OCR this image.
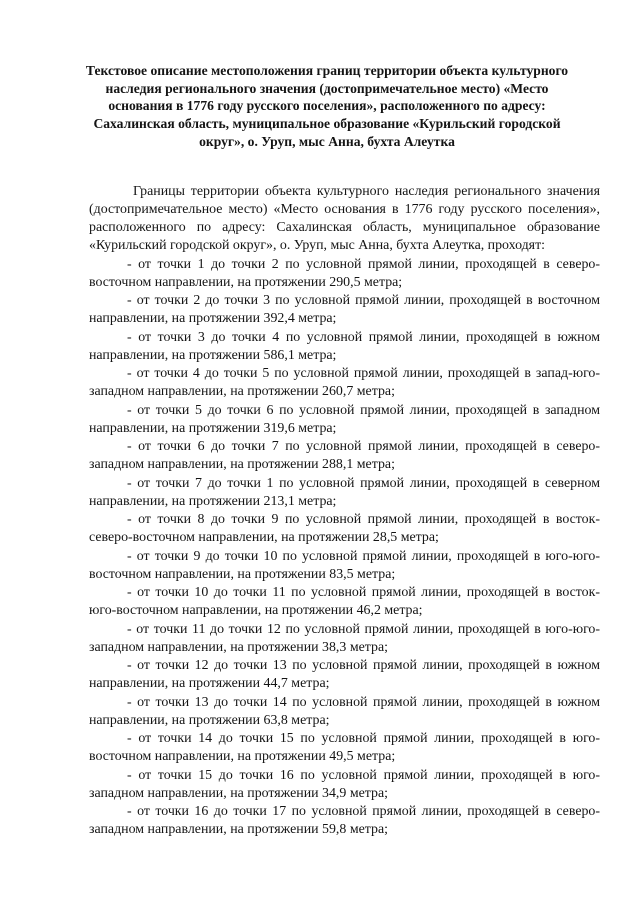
Текстовое описание местоположения границ территории объекта культурного наследия регионального значения (достопримечательное место) «Место основания в 1776 году русского поселения», расположенного по адресу: Сахалинская область, муниципальное образование «Курильский городской округ», о. Уруп, мыс Анна, бухта Алеутка

Границы территории объекта культурного наследия регионального значения (достопримечательное место) «Место основания в 1776 году русского поселения», расположенного по адресу: Сахалинская область, муниципальное образование «Курильский городской округ», о. Уруп, мыс Анна, бухта Алеутка, проходят:

- от точки 1 до точки 2 по условной прямой линии, проходящей в северо-восточном направлении, на протяжении 290,5 метра;

- от точки 2 до точки 3 по условной прямой линии, проходящей в восточном направлении, на протяжении 392,4 метра;

- от точки 3 до точки 4 по условной прямой линии, проходящей в южном направлении, на протяжении 586,1 метра;

- от точки 4 до точки 5 по условной прямой линии, проходящей в запад-юго-западном направлении, на протяжении 260,7 метра;

- от точки 5 до точки 6 по условной прямой линии, проходящей в западном направлении, на протяжении 319,6 метра;

- от точки 6 до точки 7 по условной прямой линии, проходящей в северо-западном направлении, на протяжении 288,1 метра;

- от точки 7 до точки 1 по условной прямой линии, проходящей в северном направлении, на протяжении 213,1 метра;

- от точки 8 до точки 9 по условной прямой линии, проходящей в восток-северо-восточном направлении, на протяжении 28,5 метра;

- от точки 9 до точки 10 по условной прямой линии, проходящей в юго-юго-восточном направлении, на протяжении 83,5 метра;

- от точки 10 до точки 11 по условной прямой линии, проходящей в восток-юго-восточном направлении, на протяжении 46,2 метра;

- от точки 11 до точки 12 по условной прямой линии, проходящей в юго-юго-западном направлении, на протяжении 38,3 метра;

- от точки 12 до точки 13 по условной прямой линии, проходящей в южном направлении, на протяжении 44,7 метра;

- от точки 13 до точки 14 по условной прямой линии, проходящей в южном направлении, на протяжении 63,8 метра;

- от точки 14 до точки 15 по условной прямой линии, проходящей в юго-восточном направлении, на протяжении 49,5 метра;

- от точки 15 до точки 16 по условной прямой линии, проходящей в юго-западном направлении, на протяжении 34,9 метра;

- от точки 16 до точки 17 по условной прямой линии, проходящей в северо-западном направлении, на протяжении 59,8 метра;
